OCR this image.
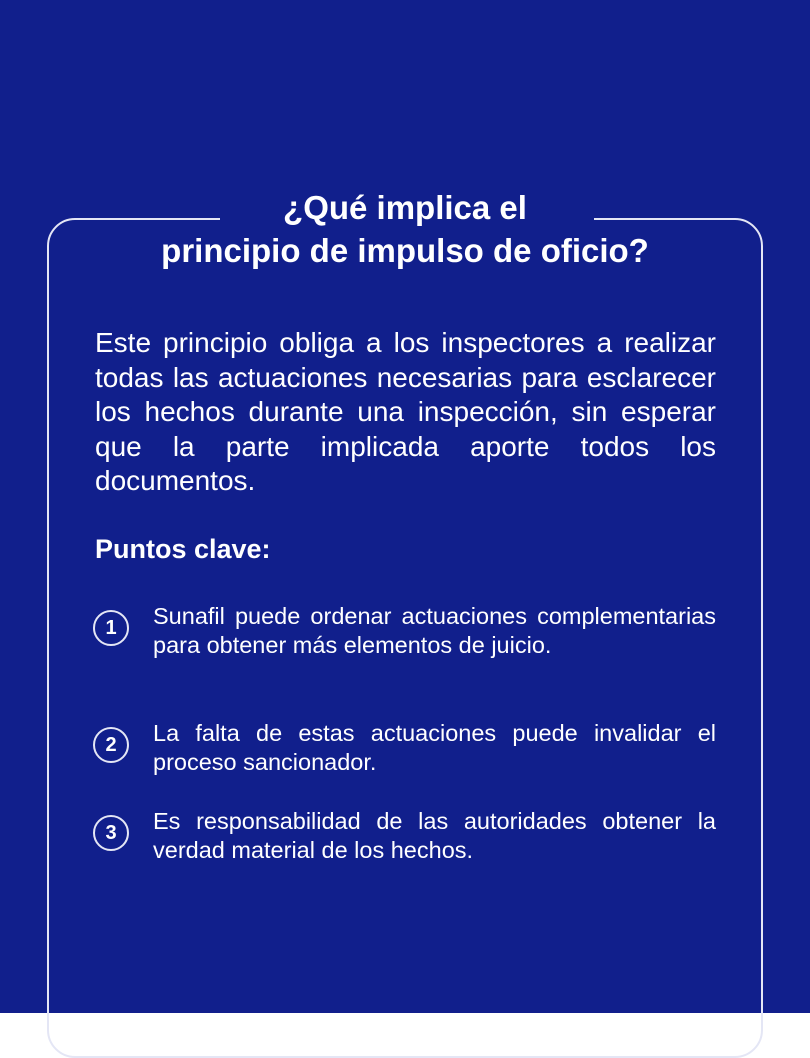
¿Qué implica el
principio de impulso de oficio?

Este principio obliga a los inspectores a realizar todas las actuaciones necesarias para esclarecer los hechos durante una inspección, sin esperar que la parte implicada aporte todos los documentos.

Puntos clave:
1	Sunafil puede ordenar actuaciones complementarias para obtener más elementos de juicio.

2	La falta de estas actuaciones puede invalidar el proceso sancionador.

3	Es responsabilidad de las autoridades obtener la verdad material de los hechos.
